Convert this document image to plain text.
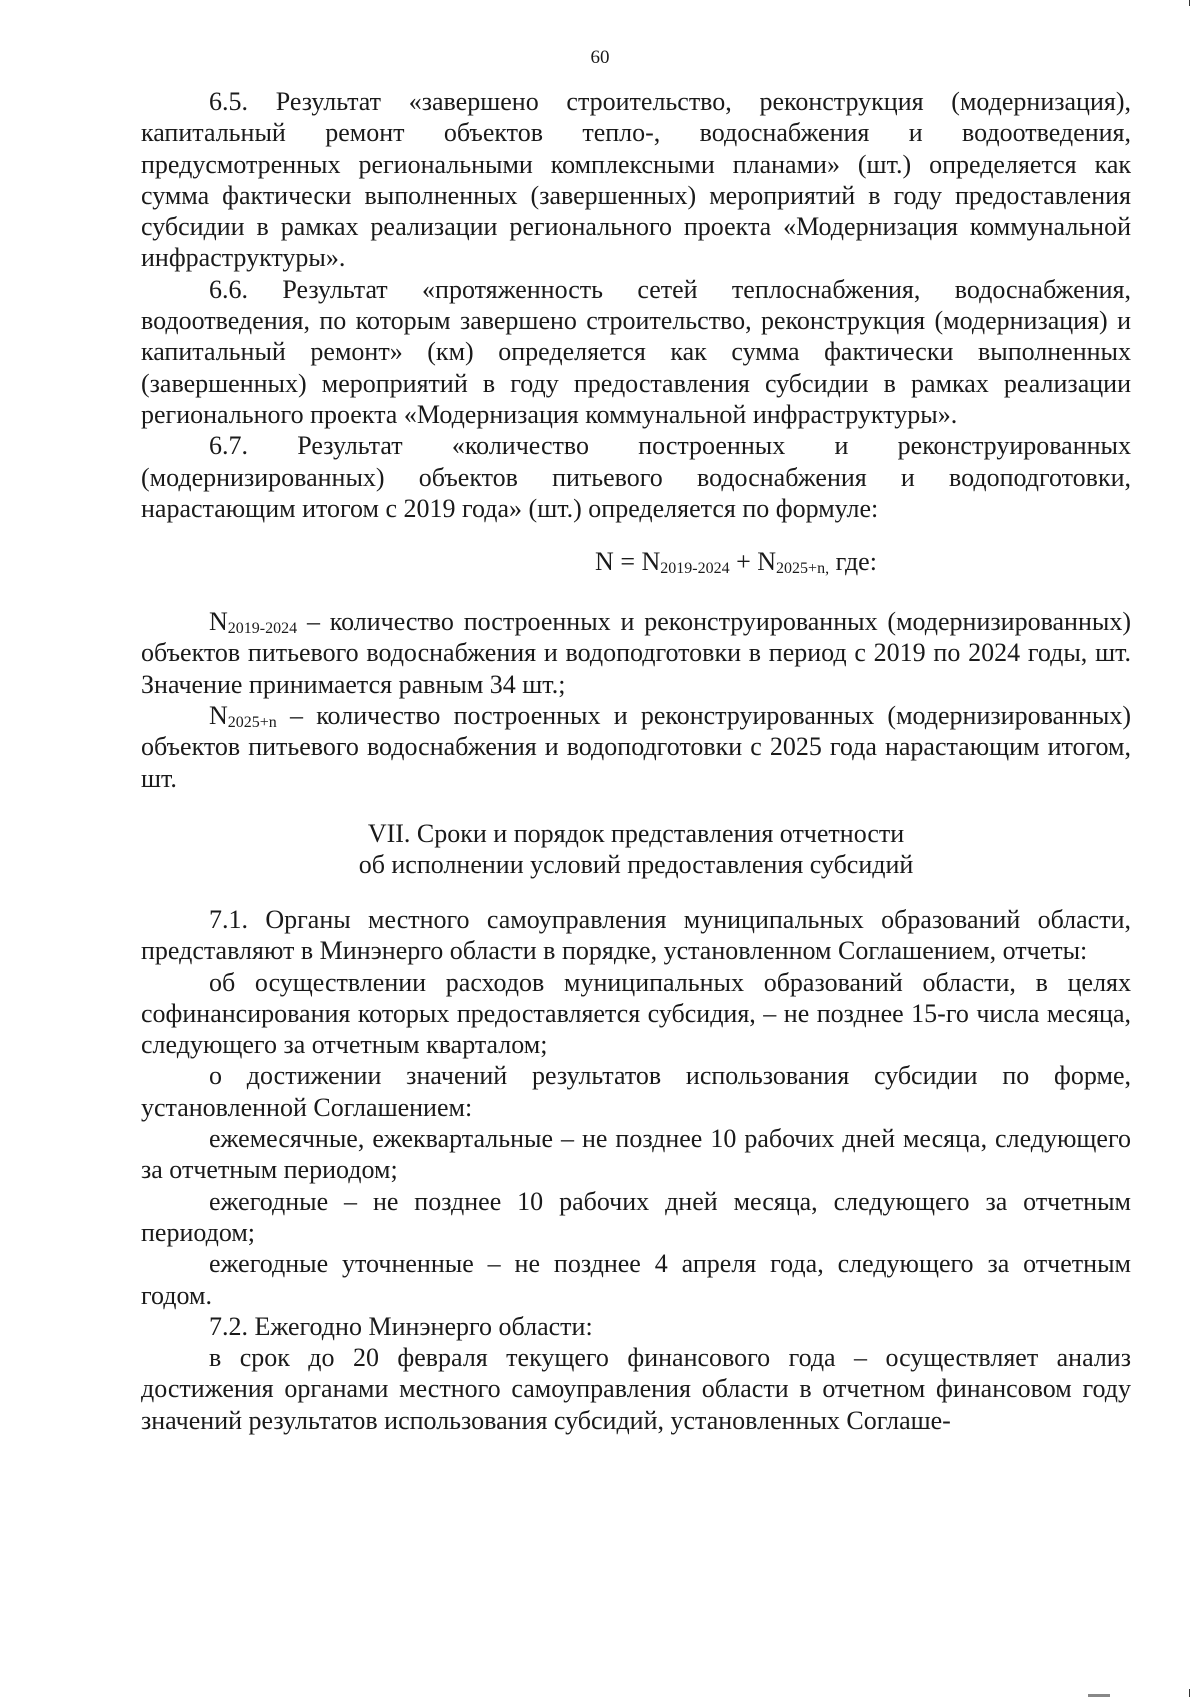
60

6.5. Результат «завершено строительство, реконструкция (модернизация), капитальный ремонт объектов тепло-, водоснабжения и водоотведения, предусмотренных региональными комплексными планами» (шт.) определяется как сумма фактически выполненных (завершенных) мероприятий в году предоставления субсидии в рамках реализации регионального проекта «Модернизация коммунальной инфраструктуры».

6.6. Результат «протяженность сетей теплоснабжения, водоснабжения, водоотведения, по которым завершено строительство, реконструкция (модернизация) и капитальный ремонт» (км) определяется как сумма фактически выполненных (завершенных) мероприятий в году предоставления субсидии в рамках реализации регионального проекта «Модернизация коммунальной инфраструктуры».

6.7. Результат «количество построенных и реконструированных (модернизированных) объектов питьевого водоснабжения и водоподготовки, нарастающим итогом с 2019 года» (шт.) определяется по формуле:

$N = N_{2019-2024} + N_{2025+n,}$ где:

$N_{2019-2024}$ – количество построенных и реконструированных (модернизированных) объектов питьевого водоснабжения и водоподготовки в период с 2019 по 2024 годы, шт. Значение принимается равным 34 шт.;

$N_{2025+n}$ – количество построенных и реконструированных (модернизированных) объектов питьевого водоснабжения и водоподготовки с 2025 года нарастающим итогом, шт.

VII. Сроки и порядок представления отчетности
об исполнении условий предоставления субсидий

7.1. Органы местного самоуправления муниципальных образований области, представляют в Минэнерго области в порядке, установленном Соглашением, отчеты:

об осуществлении расходов муниципальных образований области, в целях софинансирования которых предоставляется субсидия, – не позднее 15-го числа месяца, следующего за отчетным кварталом;

о достижении значений результатов использования субсидии по форме, установленной Соглашением:

ежемесячные, ежеквартальные – не позднее 10 рабочих дней месяца, следующего за отчетным периодом;

ежегодные – не позднее 10 рабочих дней месяца, следующего за отчетным периодом;

ежегодные уточненные – не позднее 4 апреля года, следующего за отчетным годом.

7.2. Ежегодно Минэнерго области:

в срок до 20 февраля текущего финансового года – осуществляет анализ достижения органами местного самоуправления области в отчетном финансовом году значений результатов использования субсидий, установленных Соглаше-
